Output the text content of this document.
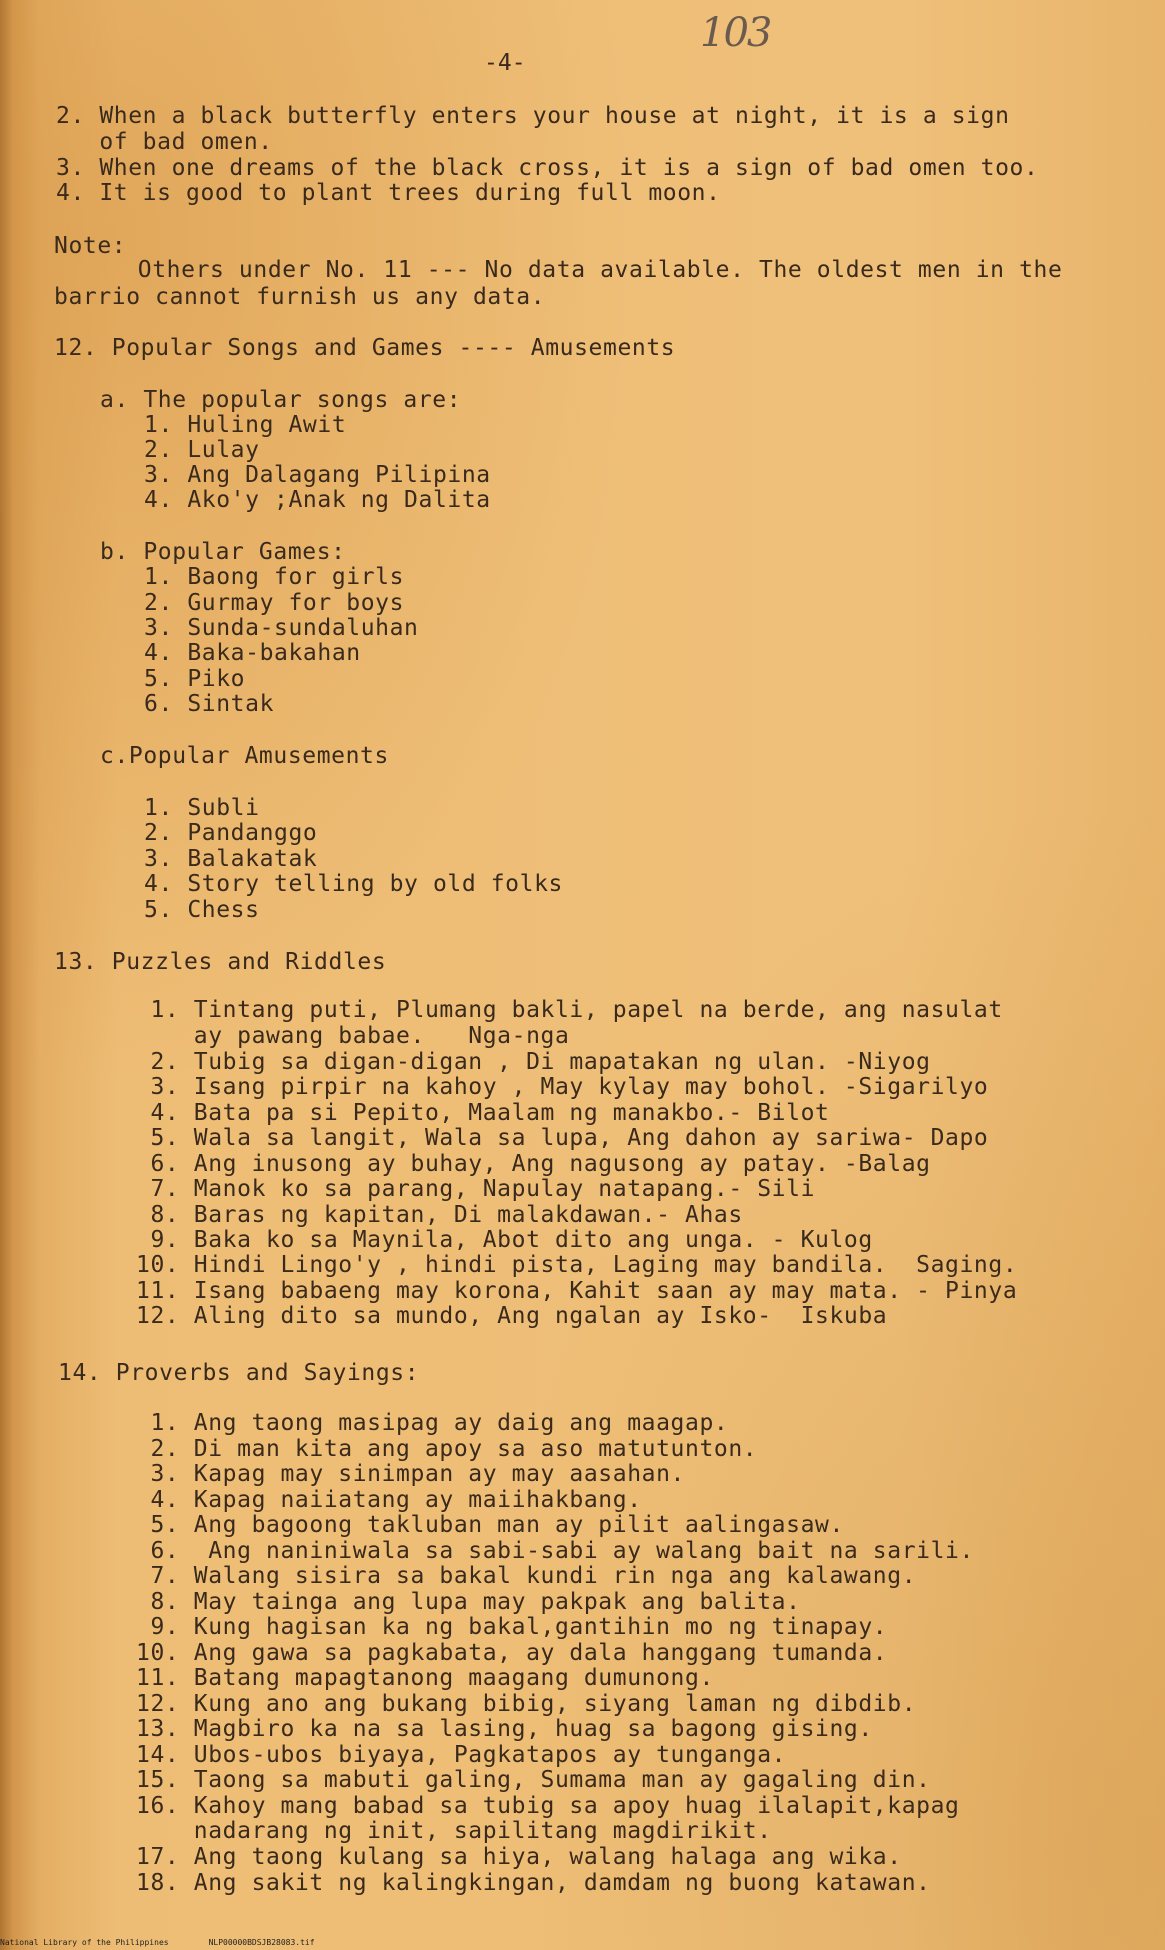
103
-4-
2. When a black butterfly enters your house at night, it is a sign
of bad omen.
3. When one dreams of the black cross, it is a sign of bad omen too.
4. It is good to plant trees during full moon.
Note:
Others under No. 11 --- No data available. The oldest men in the
barrio cannot furnish us any data.
12. Popular Songs and Games ---- Amusements
a. The popular songs are:
1. Huling Awit
2. Lulay
3. Ang Dalagang Pilipina
4. Ako'y ;Anak ng Dalita
b. Popular Games:
1. Baong for girls
2. Gurmay for boys
3. Sunda-sundaluhan
4. Baka-bakahan
5. Piko
6. Sintak
c.Popular Amusements
1. Subli
2. Pandanggo
3. Balakatak
4. Story telling by old folks
5. Chess
13. Puzzles and Riddles
1. Tintang puti, Plumang bakli, papel na berde, ang nasulat
ay pawang babae.   Nga-nga
2. Tubig sa digan-digan , Di mapatakan ng ulan. -Niyog
3. Isang pirpir na kahoy , May kylay may bohol. -Sigarilyo
4. Bata pa si Pepito, Maalam ng manakbo.- Bilot
5. Wala sa langit, Wala sa lupa, Ang dahon ay sariwa- Dapo
6. Ang inusong ay buhay, Ang nagusong ay patay. -Balag
7. Manok ko sa parang, Napulay natapang.- Sili
8. Baras ng kapitan, Di malakdawan.- Ahas
9. Baka ko sa Maynila, Abot dito ang unga. - Kulog
10. Hindi Lingo'y , hindi pista, Laging may bandila.  Saging.
11. Isang babaeng may korona, Kahit saan ay may mata. - Pinya
12. Aling dito sa mundo, Ang ngalan ay Isko-  Iskuba
14. Proverbs and Sayings:
1. Ang taong masipag ay daig ang maagap.
2. Di man kita ang apoy sa aso matutunton.
3. Kapag may sinimpan ay may aasahan.
4. Kapag naiiatang ay maiihakbang.
5. Ang bagoong takluban man ay pilit aalingasaw.
6.  Ang naniniwala sa sabi-sabi ay walang bait na sarili.
7. Walang sisira sa bakal kundi rin nga ang kalawang.
8. May tainga ang lupa may pakpak ang balita.
9. Kung hagisan ka ng bakal,gantihin mo ng tinapay.
10. Ang gawa sa pagkabata, ay dala hanggang tumanda.
11. Batang mapagtanong maagang dumunong.
12. Kung ano ang bukang bibig, siyang laman ng dibdib.
13. Magbiro ka na sa lasing, huag sa bagong gising.
14. Ubos-ubos biyaya, Pagkatapos ay tunganga.
15. Taong sa mabuti galing, Sumama man ay gagaling din.
16. Kahoy mang babad sa tubig sa apoy huag ilalapit,kapag
nadarang ng init, sapilitang magdirikit.
17. Ang taong kulang sa hiya, walang halaga ang wika.
18. Ang sakit ng kalingkingan, damdam ng buong katawan.
National Library of the Philippines	NLP00000BDSJB28083.tif
